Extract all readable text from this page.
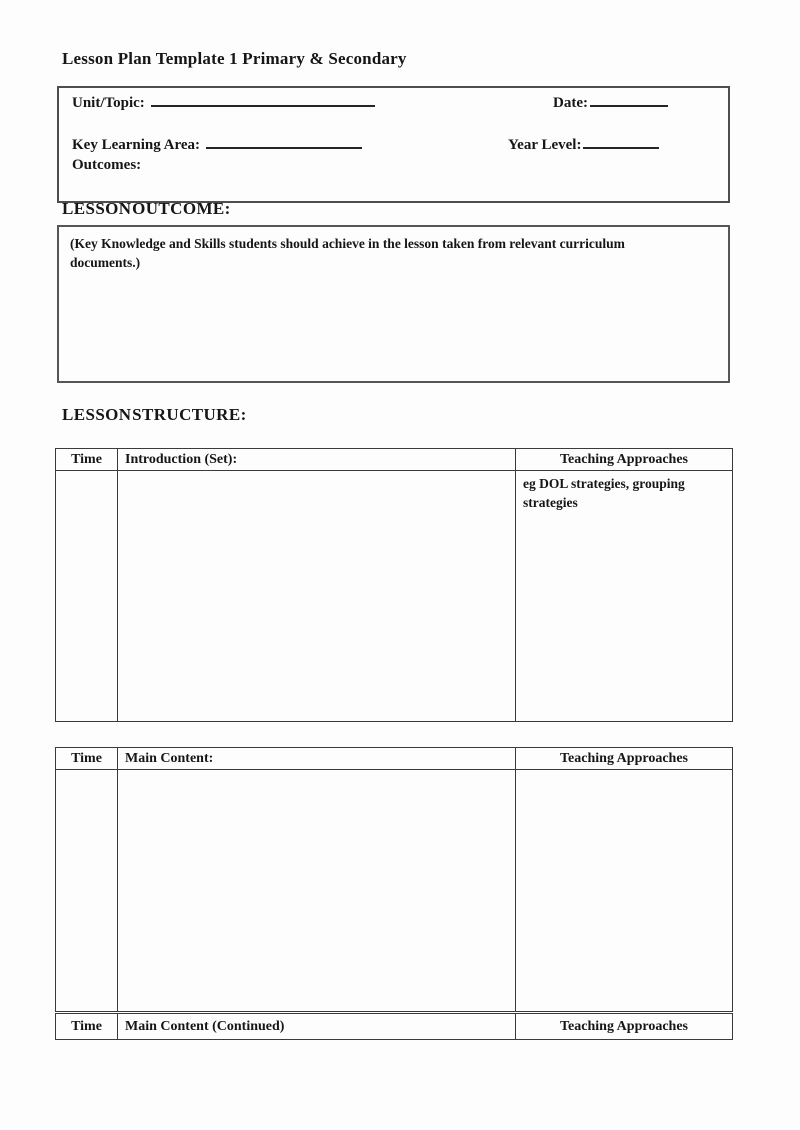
Lesson Plan Template 1 Primary & Secondary
Unit/Topic:	Date:
Key Learning Area:	Year Level:
Outcomes:
LESSON OUTCOME:
(Key Knowledge and Skills students should achieve in the lesson taken from relevant curriculum documents.)
LESSON STRUCTURE:
Time	Introduction (Set):	Teaching Approaches
		eg DOL strategies, grouping strategies
Time	Main Content:	Teaching Approaches

Time	Main Content (Continued)	Teaching Approaches
